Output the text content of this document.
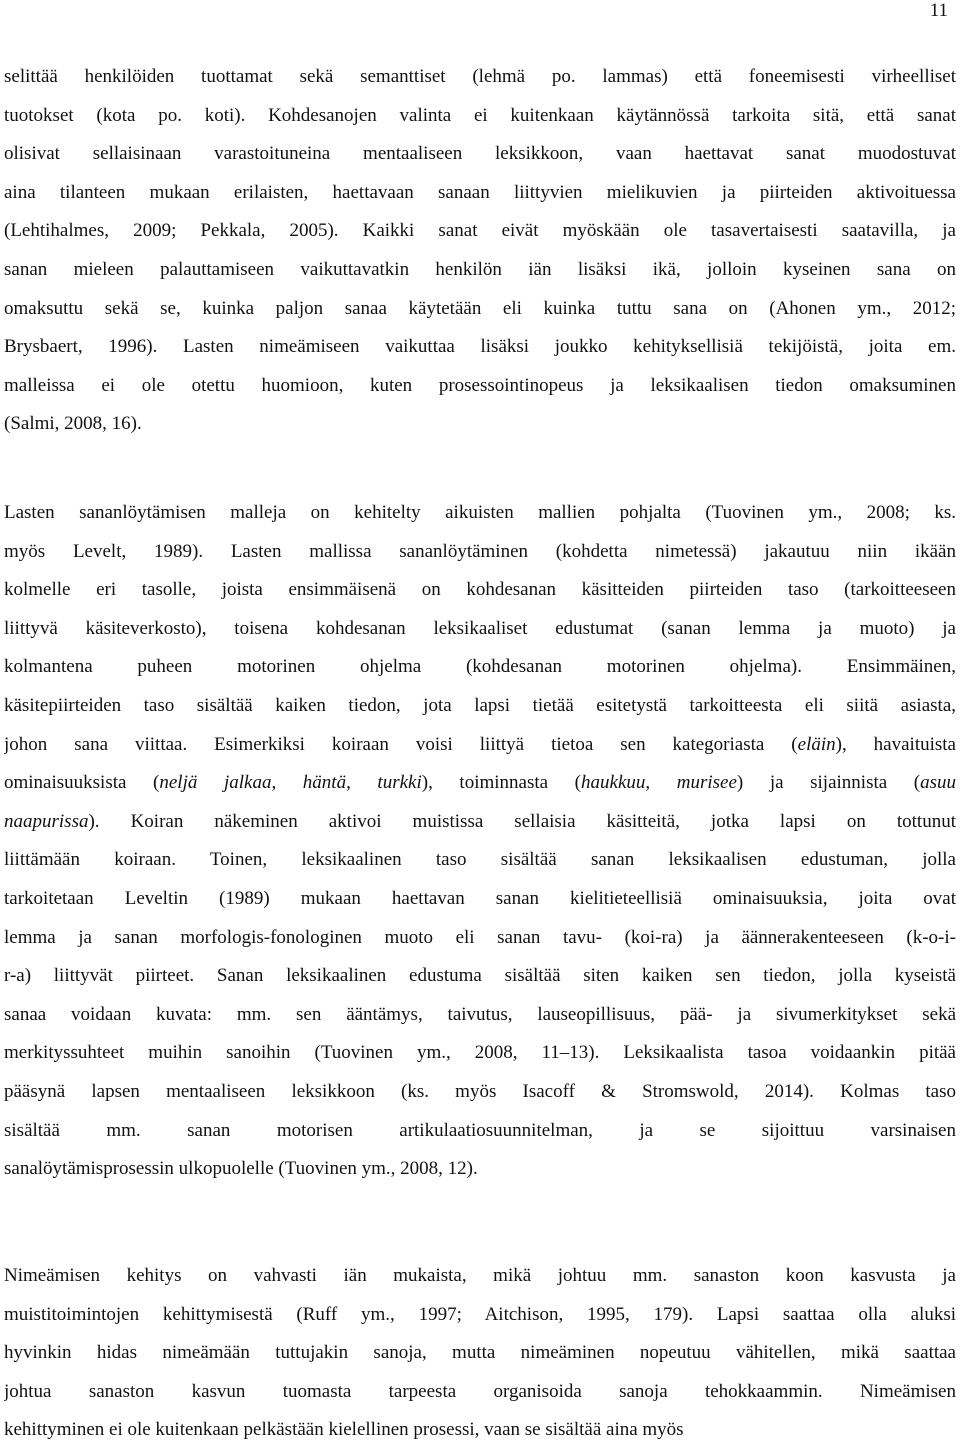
11
selittää henkilöiden tuottamat sekä semanttiset (lehmä po. lammas) että foneemisesti virheelliset
tuotokset (kota po. koti). Kohdesanojen valinta ei kuitenkaan käytännössä tarkoita sitä, että sanat
olisivat sellaisinaan varastoituneina mentaaliseen leksikkoon, vaan haettavat sanat muodostuvat
aina tilanteen mukaan erilaisten, haettavaan sanaan liittyvien mielikuvien ja piirteiden aktivoituessa
(Lehtihalmes, 2009; Pekkala, 2005). Kaikki sanat eivät myöskään ole tasavertaisesti saatavilla, ja
sanan mieleen palauttamiseen vaikuttavatkin henkilön iän lisäksi ikä, jolloin kyseinen sana on
omaksuttu sekä se, kuinka paljon sanaa käytetään eli kuinka tuttu sana on (Ahonen ym., 2012;
Brysbaert, 1996). Lasten nimeämiseen vaikuttaa lisäksi joukko kehityksellisiä tekijöistä, joita em.
malleissa ei ole otettu huomioon, kuten prosessointinopeus ja leksikaalisen tiedon omaksuminen
(Salmi, 2008, 16).
Lasten sananlöytämisen malleja on kehitelty aikuisten mallien pohjalta (Tuovinen ym., 2008; ks.
myös Levelt, 1989). Lasten mallissa sananlöytäminen (kohdetta nimetessä) jakautuu niin ikään
kolmelle eri tasolle, joista ensimmäisenä on kohdesanan käsitteiden piirteiden taso (tarkoitteeseen
liittyvä käsiteverkosto), toisena kohdesanan leksikaaliset edustumat (sanan lemma ja muoto) ja
kolmantena puheen motorinen ohjelma (kohdesanan motorinen ohjelma). Ensimmäinen,
käsitepiirteiden taso sisältää kaiken tiedon, jota lapsi tietää esitetystä tarkoitteesta eli siitä asiasta,
johon sana viittaa. Esimerkiksi koiraan voisi liittyä tietoa sen kategoriasta (eläin), havaituista
ominaisuuksista (neljä jalkaa, häntä, turkki), toiminnasta (haukkuu, murisee) ja sijainnista (asuu
naapurissa). Koiran näkeminen aktivoi muistissa sellaisia käsitteitä, jotka lapsi on tottunut
liittämään koiraan. Toinen, leksikaalinen taso sisältää sanan leksikaalisen edustuman, jolla
tarkoitetaan Leveltin (1989) mukaan haettavan sanan kielitieteellisiä ominaisuuksia, joita ovat
lemma ja sanan morfologis-fonologinen muoto eli sanan tavu- (koi-ra) ja äännerakenteeseen (k-o-i-
r-a) liittyvät piirteet. Sanan leksikaalinen edustuma sisältää siten kaiken sen tiedon, jolla kyseistä
sanaa voidaan kuvata: mm. sen ääntämys, taivutus, lauseopillisuus, pää- ja sivumerkitykset sekä
merkityssuhteet muihin sanoihin (Tuovinen ym., 2008, 11–13). Leksikaalista tasoa voidaankin pitää
pääsynä lapsen mentaaliseen leksikkoon (ks. myös Isacoff & Stromswold, 2014). Kolmas taso
sisältää mm. sanan motorisen artikulaatiosuunnitelman, ja se sijoittuu varsinaisen
sanalöytämisprosessin ulkopuolelle (Tuovinen ym., 2008, 12).
Nimeämisen kehitys on vahvasti iän mukaista, mikä johtuu mm. sanaston koon kasvusta ja
muistitoimintojen kehittymisestä (Ruff ym., 1997; Aitchison, 1995, 179). Lapsi saattaa olla aluksi
hyvinkin hidas nimeämään tuttujakin sanoja, mutta nimeäminen nopeutuu vähitellen, mikä saattaa
johtua sanaston kasvun tuomasta tarpeesta organisoida sanoja tehokkaammin. Nimeämisen
kehittyminen ei ole kuitenkaan pelkästään kielellinen prosessi, vaan se sisältää aina myös
